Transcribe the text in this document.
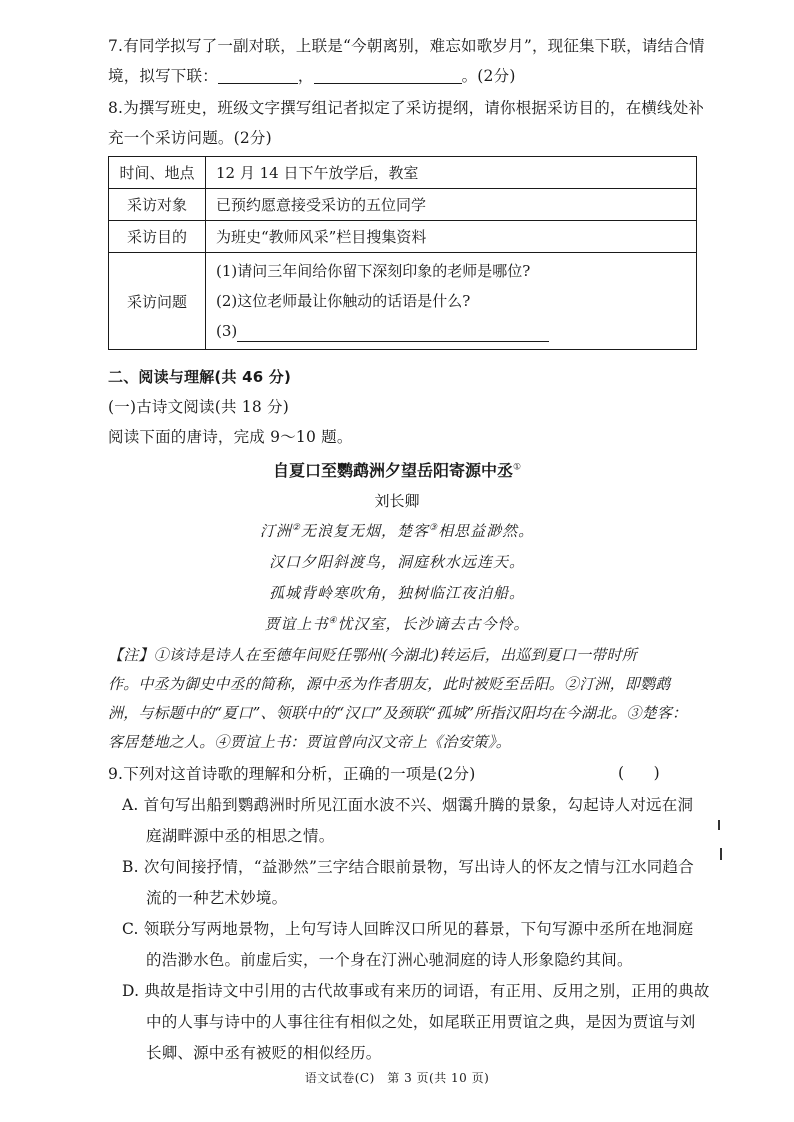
7.有同学拟写了一副对联，上联是“今朝离别，难忘如歌岁月”，现征集下联，请结合情
境，拟写下联：	，	。(2分)
8.为撰写班史，班级文字撰写组记者拟定了采访提纲，请你根据采访目的，在横线处补
充一个采访问题。(2分)
时间、地点	12 月 14 日下午放学后，教室
采访对象	已预约愿意接受采访的五位同学
采访目的	为班史“教师风采”栏目搜集资料
采访问题	(1)请问三年间给你留下深刻印象的老师是哪位?
(2)这位老师最让你触动的话语是什么?
(3)
二、阅读与理解(共 46 分)
(一)古诗文阅读(共 18 分)
阅读下面的唐诗，完成 9～10 题。
自夏口至鹦鹉洲夕望岳阳寄源中丞①
刘长卿
汀洲②无浪复无烟，楚客③相思益渺然。
汉口夕阳斜渡鸟，洞庭秋水远连天。
孤城背岭寒吹角，独树临江夜泊船。
贾谊上书④忧汉室，长沙谪去古今怜。
【注】①该诗是诗人在至德年间贬任鄂州(今湖北)转运后，出巡到夏口一带时所
作。中丞为御史中丞的简称，源中丞为作者朋友，此时被贬至岳阳。②汀洲，即鹦鹉
洲，与标题中的“夏口”、领联中的“汉口”及颈联“孤城”所指汉阳均在今湖北。③楚客：
客居楚地之人。④贾谊上书：贾谊曾向汉文帝上《治安策》。
9.下列对这首诗歌的理解和分析，正确的一项是(2分)	(      )
A. 首句写出船到鹦鹉洲时所见江面水波不兴、烟霭升腾的景象，勾起诗人对远在洞
庭湖畔源中丞的相思之情。
B. 次句间接抒情，“益渺然”三字结合眼前景物，写出诗人的怀友之情与江水同趋合
流的一种艺术妙境。
C. 领联分写两地景物，上句写诗人回眸汉口所见的暮景，下句写源中丞所在地洞庭
的浩渺水色。前虚后实，一个身在汀洲心驰洞庭的诗人形象隐约其间。
D. 典故是指诗文中引用的古代故事或有来历的词语，有正用、反用之别，正用的典故
中的人事与诗中的人事往往有相似之处，如尾联正用贾谊之典，是因为贾谊与刘
长卿、源中丞有被贬的相似经历。
语文试卷(C)　第 3 页(共 10 页)
